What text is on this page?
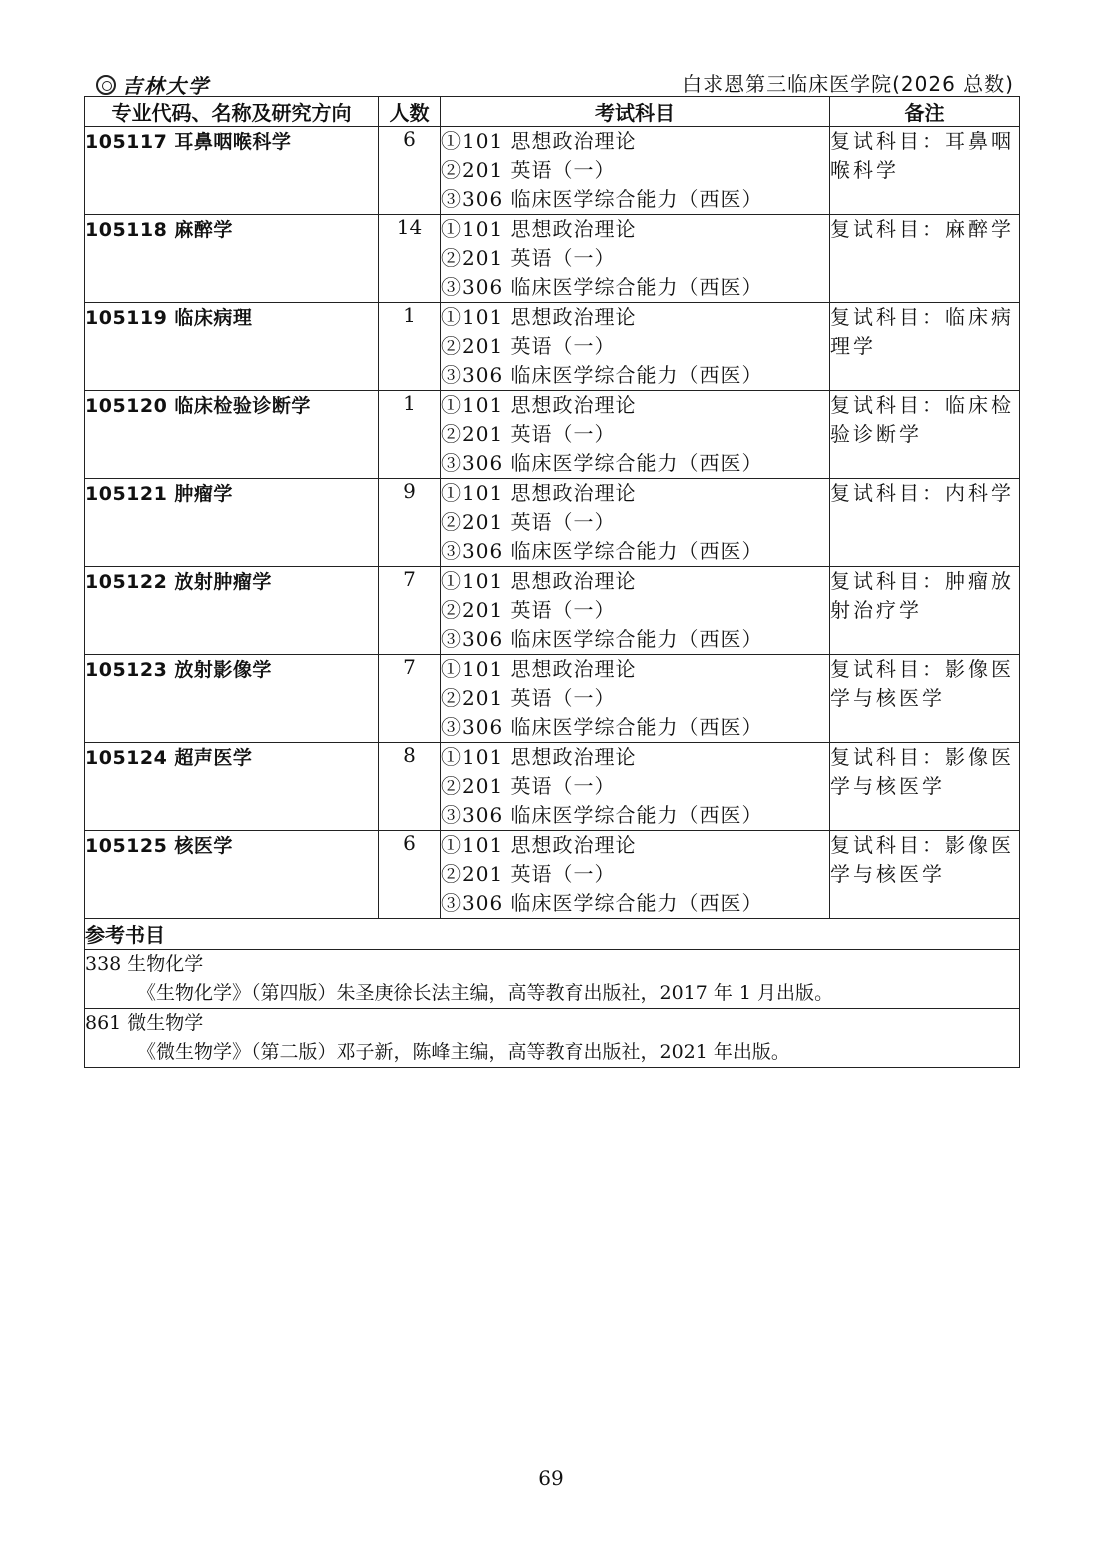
吉林大学	白求恩第三临床医学院(2026 总数)
专业代码、名称及研究方向	人数	考试科目	备注
105117 耳鼻咽喉科学	6	①101 思想政治理论
②201 英语（一）
③306 临床医学综合能力（西医）	复试科目：耳鼻咽喉科学
105118 麻醉学	14	①101 思想政治理论
②201 英语（一）
③306 临床医学综合能力（西医）	复试科目：麻醉学
105119 临床病理	1	①101 思想政治理论
②201 英语（一）
③306 临床医学综合能力（西医）	复试科目：临床病理学
105120 临床检验诊断学	1	①101 思想政治理论
②201 英语（一）
③306 临床医学综合能力（西医）	复试科目：临床检验诊断学
105121 肿瘤学	9	①101 思想政治理论
②201 英语（一）
③306 临床医学综合能力（西医）	复试科目：内科学
105122 放射肿瘤学	7	①101 思想政治理论
②201 英语（一）
③306 临床医学综合能力（西医）	复试科目：肿瘤放射治疗学
105123 放射影像学	7	①101 思想政治理论
②201 英语（一）
③306 临床医学综合能力（西医）	复试科目：影像医学与核医学
105124 超声医学	8	①101 思想政治理论
②201 英语（一）
③306 临床医学综合能力（西医）	复试科目：影像医学与核医学
105125 核医学	6	①101 思想政治理论
②201 英语（一）
③306 临床医学综合能力（西医）	复试科目：影像医学与核医学
参考书目			

338 生物化学
《生物化学》（第四版）朱圣庚徐长法主编，高等教育出版社，2017 年 1 月出版。			

861 微生物学
《微生物学》（第二版）邓子新，陈峰主编，高等教育出版社，2021 年出版。			
69
